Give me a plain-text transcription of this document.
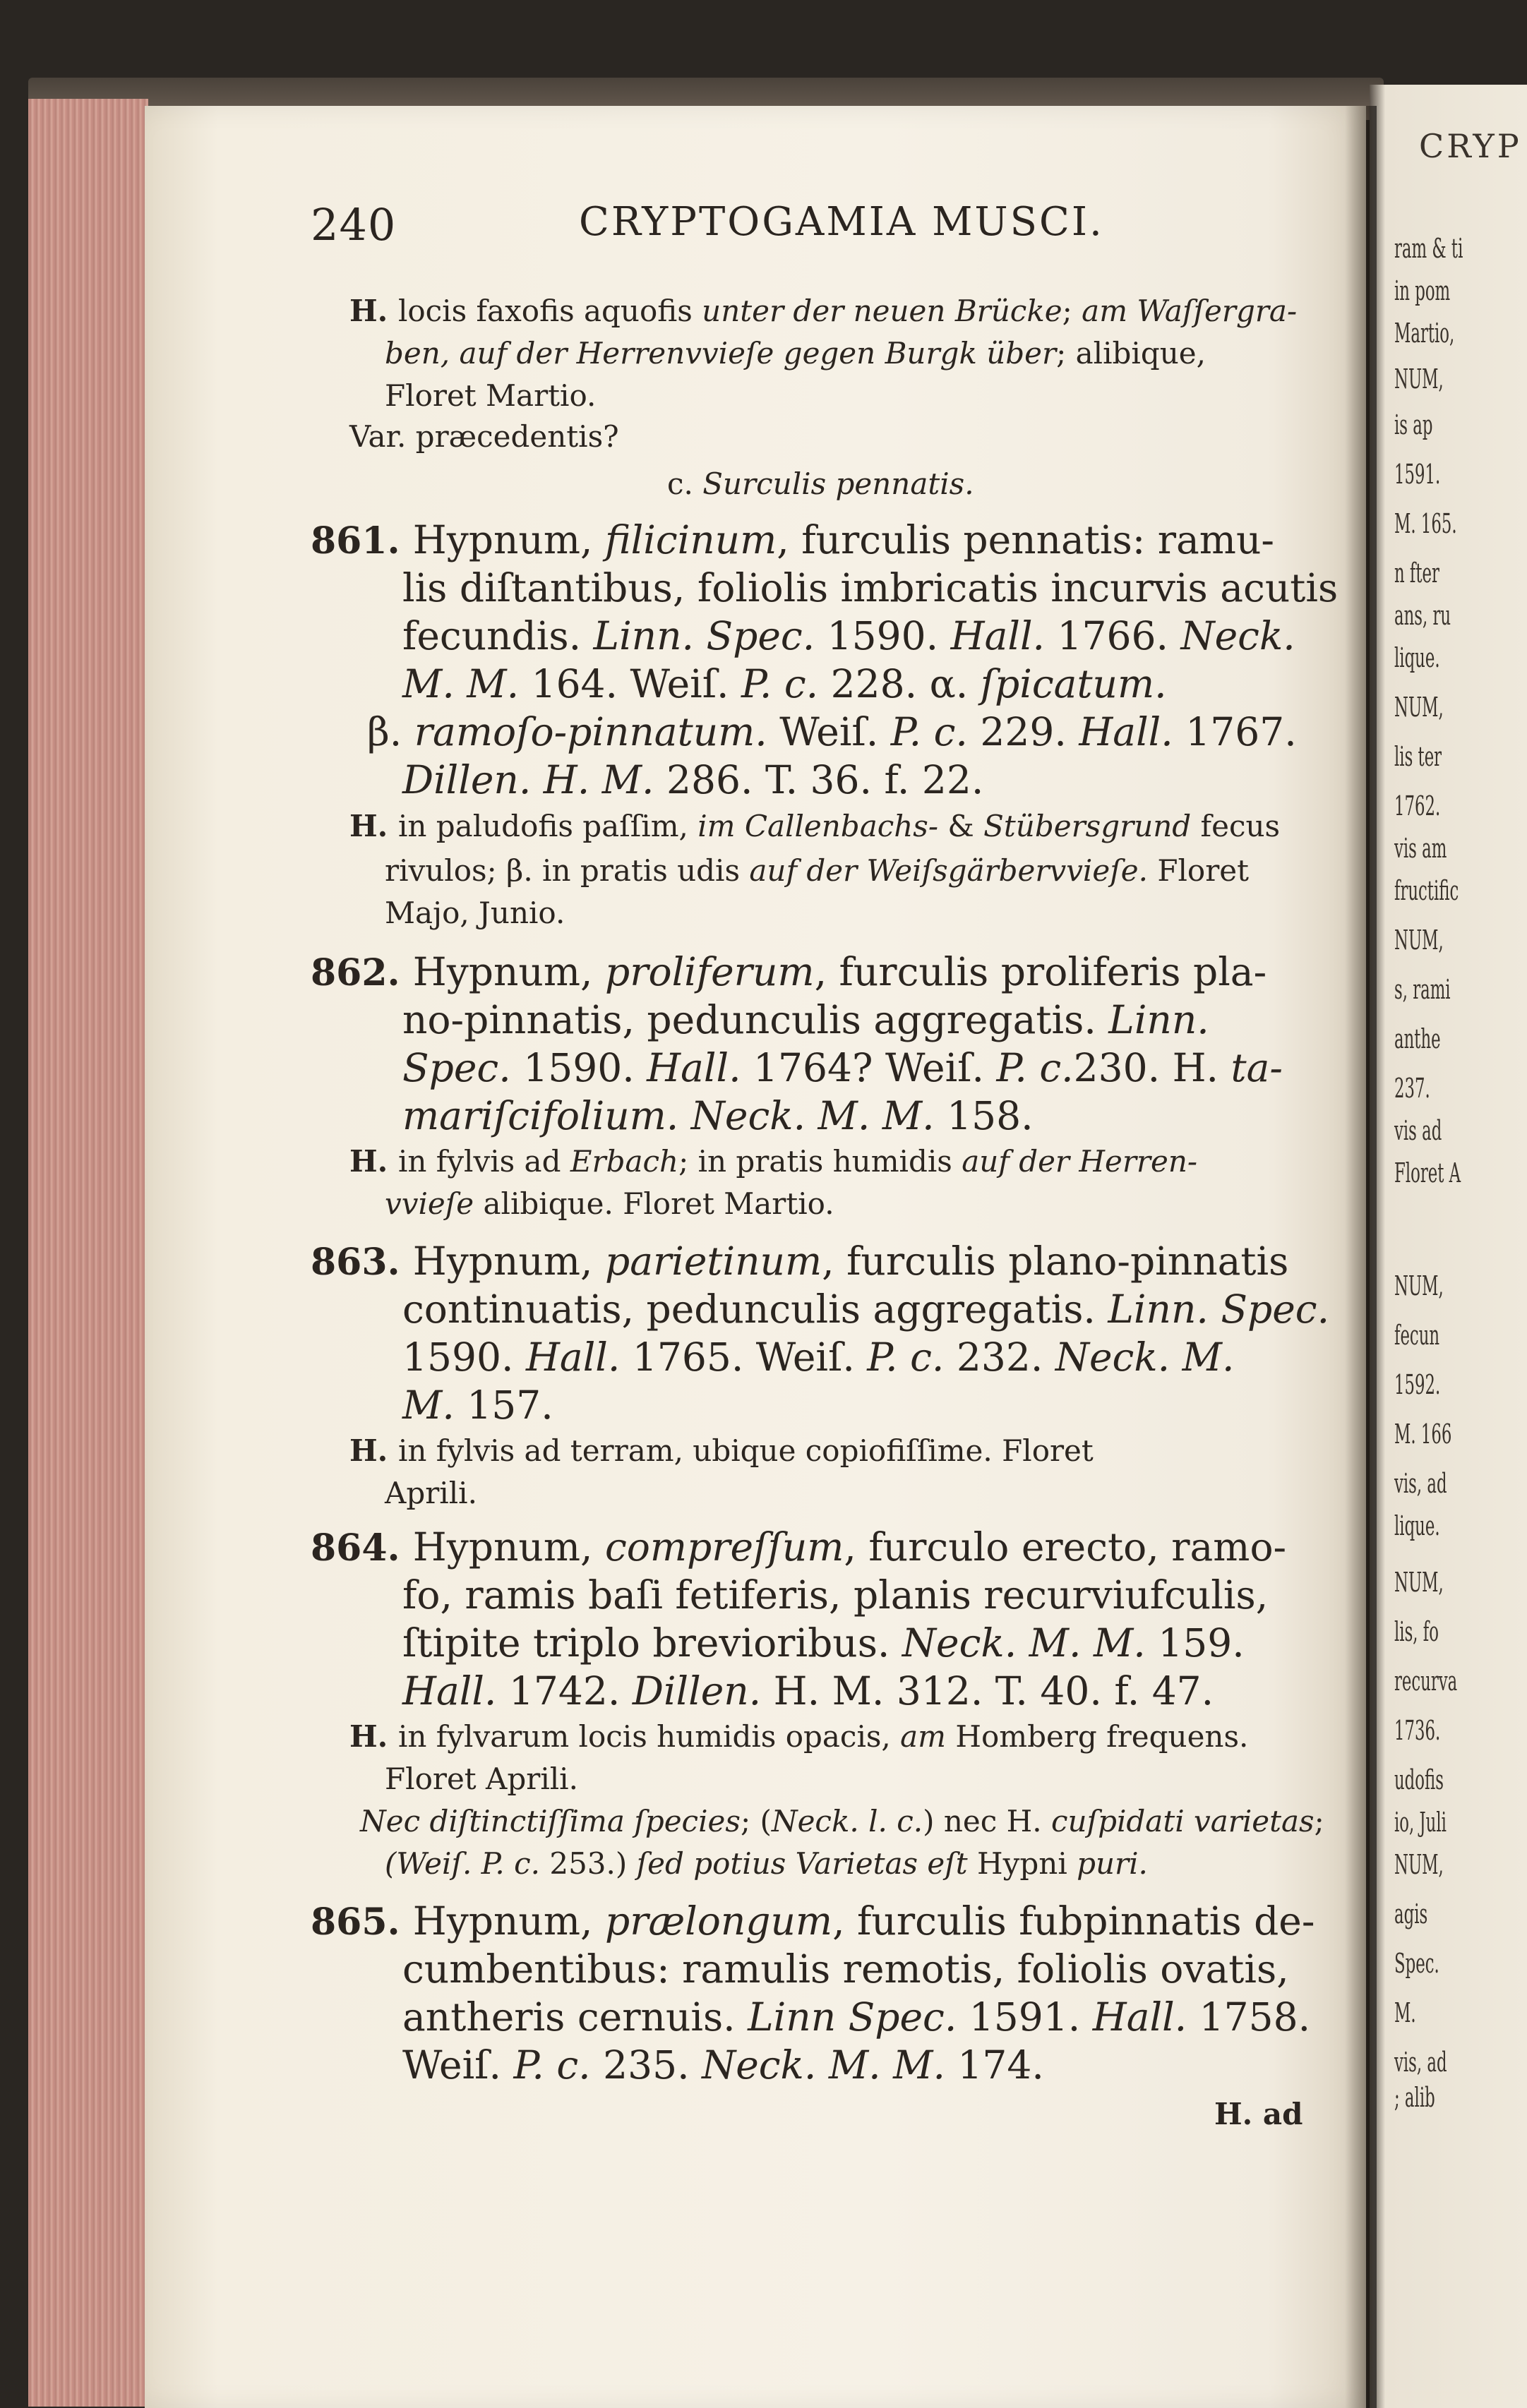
240	CRYPTOGAMIA MUSCI.
H. locis faxofis aquofis unter der neuen Brücke; am Waſſergra-
ben, auf der Herrenvvieſe gegen Burgk über; alibique,
Floret Martio.
Var. præcedentis?
c. Surculis pennatis.
861. Hypnum, filicinum, furculis pennatis: ramu-
lis diſtantibus, foliolis imbricatis incurvis acutis
fecundis. Linn. Spec. 1590. Hall. 1766. Neck.
M. M. 164. Weiſ. P. c. 228. α. ſpicatum.
β. ramoſo-pinnatum. Weiſ. P. c. 229. Hall. 1767.
Dillen. H. M. 286. T. 36. f. 22.
H. in paludofis paſſim, im Callenbachs- & Stübersgrund fecus
rivulos; β. in pratis udis auf der Weiſsgärbervvieſe. Floret
Majo, Junio.
862. Hypnum, proliferum, furculis proliferis pla-
no-pinnatis, pedunculis aggregatis. Linn.
Spec. 1590. Hall. 1764? Weiſ. P. c.230. H. ta-
mariſcifolium. Neck. M. M. 158.
H. in fylvis ad Erbach; in pratis humidis auf der Herren-
vvieſe alibique. Floret Martio.
863. Hypnum, parietinum, furculis plano-pinnatis
continuatis, pedunculis aggregatis. Linn. Spec.
1590. Hall. 1765. Weiſ. P. c. 232. Neck. M.
M. 157.
H. in fylvis ad terram, ubique copiofiſſime. Floret
Aprili.
864. Hypnum, compreſſum, furculo erecto, ramo-
fo, ramis baſi fetiferis, planis recurviufculis,
ſtipite triplo brevioribus. Neck. M. M. 159.
Hall. 1742. Dillen. H. M. 312. T. 40. f. 47.
H. in fylvarum locis humidis opacis, am Homberg frequens.
Floret Aprili.
Nec diſtinctiſſima ſpecies; (Neck. l. c.) nec H. cuſpidati varietas;
(Weiſ. P. c. 253.) ſed potius Varietas eſt Hypni puri.
865. Hypnum, prælongum, furculis fubpinnatis de-
cumbentibus: ramulis remotis, foliolis ovatis,
antheris cernuis. Linn Spec. 1591. Hall. 1758.
Weiſ. P. c. 235. Neck. M. M. 174.
H. ad
CRYP
ram & ti
in pom
Martio,
NUM,
is ap
1591.
M. 165.
n fter
ans, ru
lique.
NUM,
lis ter
1762.
vis am
fructific
NUM,
s, rami
anthe
237.
vis ad
Floret A
NUM,
fecun
1592.
M. 166
vis, ad
lique.
NUM,
lis, fo
recurva
1736.
udofis
io, Juli
NUM,
agis
Spec.
M.
vis, ad
; alib
